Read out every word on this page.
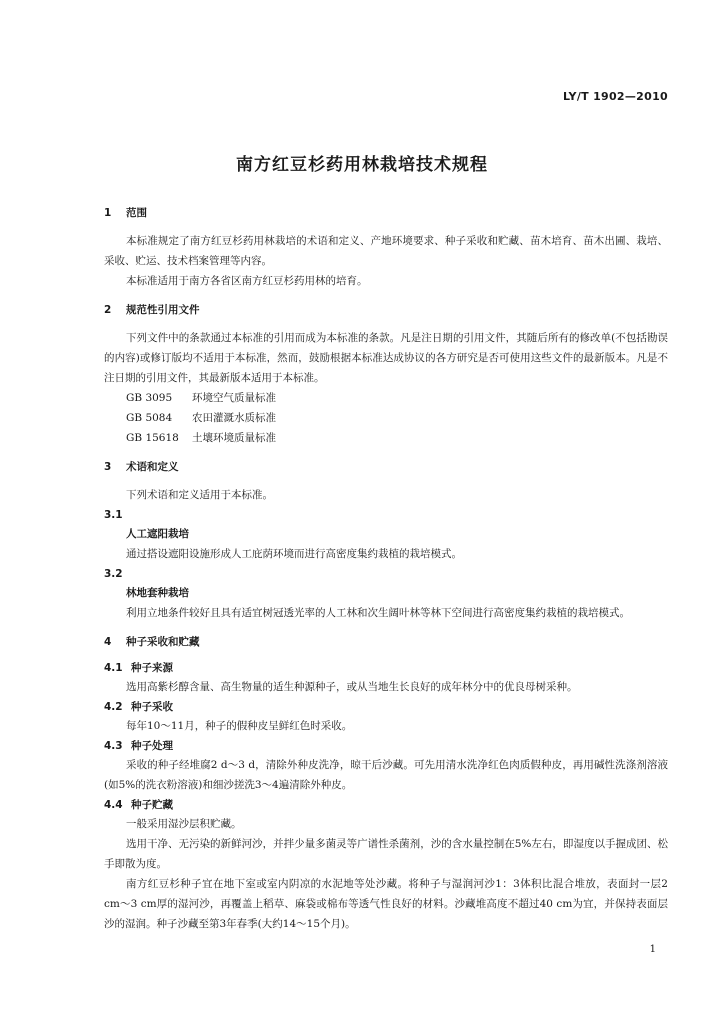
LY/T 1902—2010
南方红豆杉药用林栽培技术规程
1 范围
本标准规定了南方红豆杉药用林栽培的术语和定义、产地环境要求、种子采收和贮藏、苗木培育、苗木出圃、栽培、采收、贮运、技术档案管理等内容。
本标准适用于南方各省区南方红豆杉药用林的培育。
2 规范性引用文件
下列文件中的条款通过本标准的引用而成为本标准的条款。凡是注日期的引用文件，其随后所有的修改单(不包括勘误的内容)或修订版均不适用于本标准，然而，鼓励根据本标准达成协议的各方研究是否可使用这些文件的最新版本。凡是不注日期的引用文件，其最新版本适用于本标准。
GB 3095 环境空气质量标准
GB 5084 农田灌溉水质标准
GB 15618 土壤环境质量标准
3 术语和定义
下列术语和定义适用于本标准。
3.1
人工遮阳栽培
通过搭设遮阳设施形成人工庇荫环境而进行高密度集约栽植的栽培模式。
3.2
林地套种栽培
利用立地条件较好且具有适宜树冠透光率的人工林和次生阔叶林等林下空间进行高密度集约栽植的栽培模式。
4 种子采收和贮藏
4.1 种子来源
选用高紫杉醇含量、高生物量的适生种源种子，或从当地生长良好的成年林分中的优良母树采种。
4.2 种子采收
每年10～11月，种子的假种皮呈鲜红色时采收。
4.3 种子处理
采收的种子经堆腐2 d～3 d，清除外种皮洗净，晾干后沙藏。可先用清水洗净红色肉质假种皮，再用碱性洗涤剂溶液(如5%的洗衣粉溶液)和细沙搓洗3～4遍清除外种皮。
4.4 种子贮藏
一般采用湿沙层积贮藏。
选用干净、无污染的新鲜河沙，并拌少量多菌灵等广谱性杀菌剂，沙的含水量控制在5%左右，即湿度以手握成团、松手即散为度。
南方红豆杉种子宜在地下室或室内阴凉的水泥地等处沙藏。将种子与湿润河沙1：3体积比混合堆放，表面封一层2 cm～3 cm厚的湿河沙，再覆盖上稻草、麻袋或棉布等透气性良好的材料。沙藏堆高度不超过40 cm为宜，并保持表面层沙的湿润。种子沙藏至第3年春季(大约14～15个月)。
1
